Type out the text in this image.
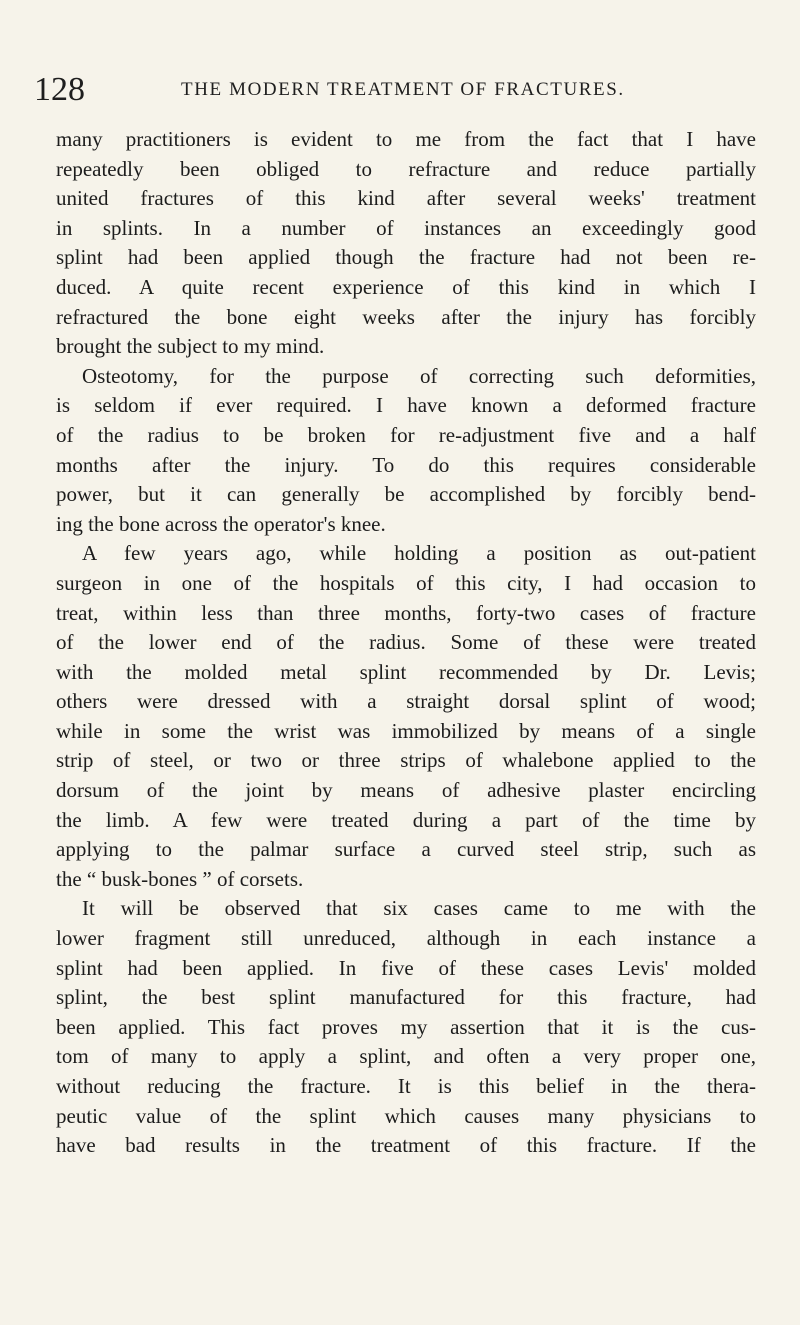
128	THE MODERN TREATMENT OF FRACTURES.
many practitioners is evident to me from the fact that I have
repeatedly been obliged to refracture and reduce partially
united fractures of this kind after several weeks' treatment
in splints. In a number of instances an exceedingly good
splint had been applied though the fracture had not been re-
duced. A quite recent experience of this kind in which I
refractured the bone eight weeks after the injury has forcibly
brought the subject to my mind.
Osteotomy, for the purpose of correcting such deformities,
is seldom if ever required. I have known a deformed fracture
of the radius to be broken for re-adjustment five and a half
months after the injury. To do this requires considerable
power, but it can generally be accomplished by forcibly bend-
ing the bone across the operator's knee.
A few years ago, while holding a position as out-patient
surgeon in one of the hospitals of this city, I had occasion to
treat, within less than three months, forty-two cases of fracture
of the lower end of the radius. Some of these were treated
with the molded metal splint recommended by Dr. Levis;
others were dressed with a straight dorsal splint of wood;
while in some the wrist was immobilized by means of a single
strip of steel, or two or three strips of whalebone applied to the
dorsum of the joint by means of adhesive plaster encircling
the limb. A few were treated during a part of the time by
applying to the palmar surface a curved steel strip, such as
the “ busk-bones ” of corsets.
It will be observed that six cases came to me with the
lower fragment still unreduced, although in each instance a
splint had been applied. In five of these cases Levis' molded
splint, the best splint manufactured for this fracture, had
been applied. This fact proves my assertion that it is the cus-
tom of many to apply a splint, and often a very proper one,
without reducing the fracture. It is this belief in the thera-
peutic value of the splint which causes many physicians to
have bad results in the treatment of this fracture. If the
